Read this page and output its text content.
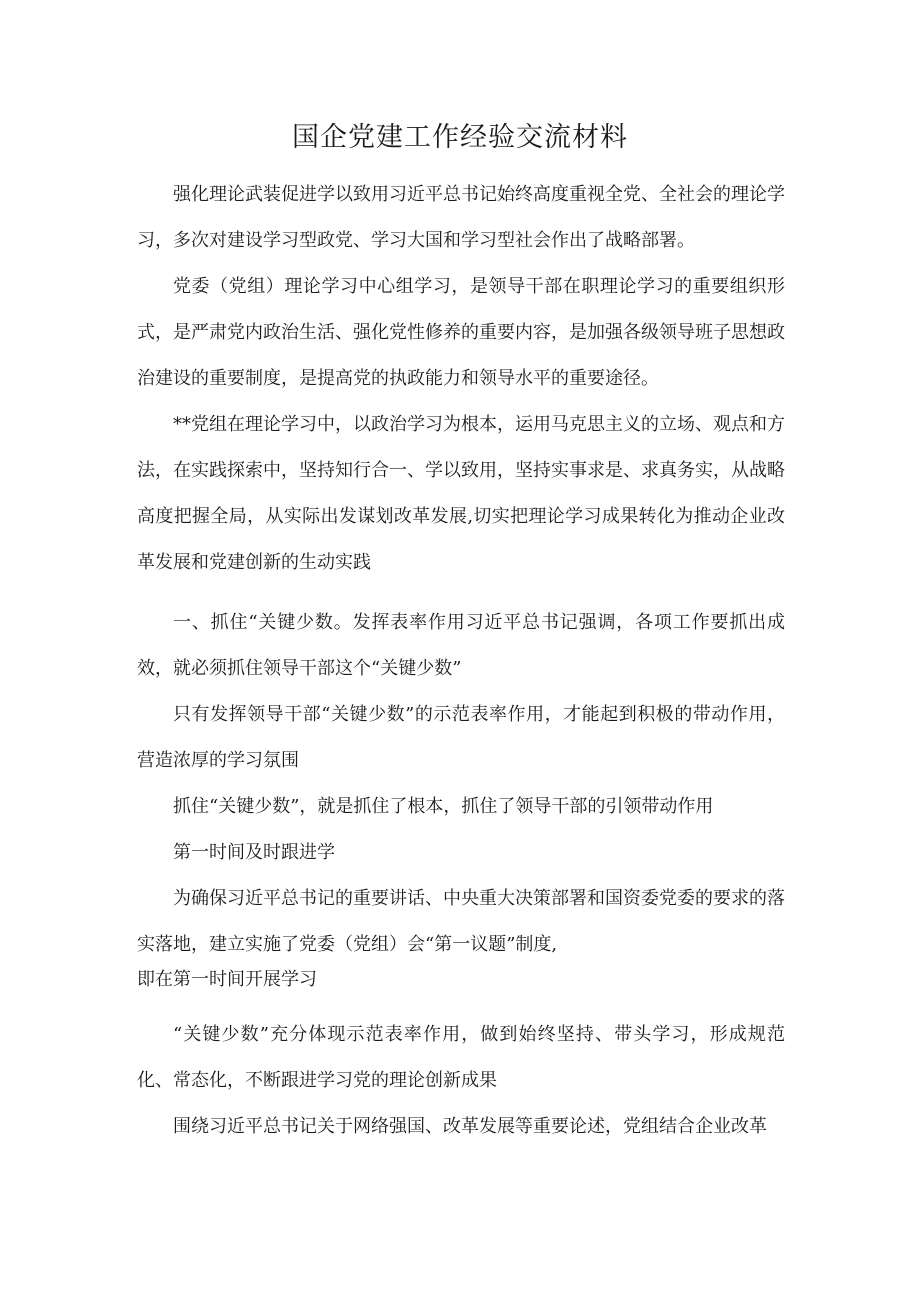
国企党建工作经验交流材料

强化理论武装促进学以致用习近平总书记始终高度重视全党、全社会的理论学习，多次对建设学习型政党、学习大国和学习型社会作出了战略部署。

党委（党组）理论学习中心组学习，是领导干部在职理论学习的重要组织形式，是严肃党内政治生活、强化党性修养的重要内容，是加强各级领导班子思想政治建设的重要制度，是提高党的执政能力和领导水平的重要途径。

**党组在理论学习中，以政治学习为根本，运用马克思主义的立场、观点和方法，在实践探索中，坚持知行合一、学以致用，坚持实事求是、求真务实，从战略高度把握全局，从实际出发谋划改革发展,切实把理论学习成果转化为推动企业改革发展和党建创新的生动实践

一、抓住“关键少数。发挥表率作用习近平总书记强调，各项工作要抓出成效，就必须抓住领导干部这个“关键少数”

只有发挥领导干部“关键少数”的示范表率作用，才能起到积极的带动作用，营造浓厚的学习氛围

抓住“关键少数”，就是抓住了根本，抓住了领导干部的引领带动作用

第一时间及时跟进学

为确保习近平总书记的重要讲话、中央重大决策部署和国资委党委的要求的落实落地，建立实施了党委（党组）会“第一议题”制度,

即在第一时间开展学习

“关键少数”充分体现示范表率作用，做到始终坚持、带头学习，形成规范化、常态化，不断跟进学习党的理论创新成果

围绕习近平总书记关于网络强国、改革发展等重要论述，党组结合企业改革
